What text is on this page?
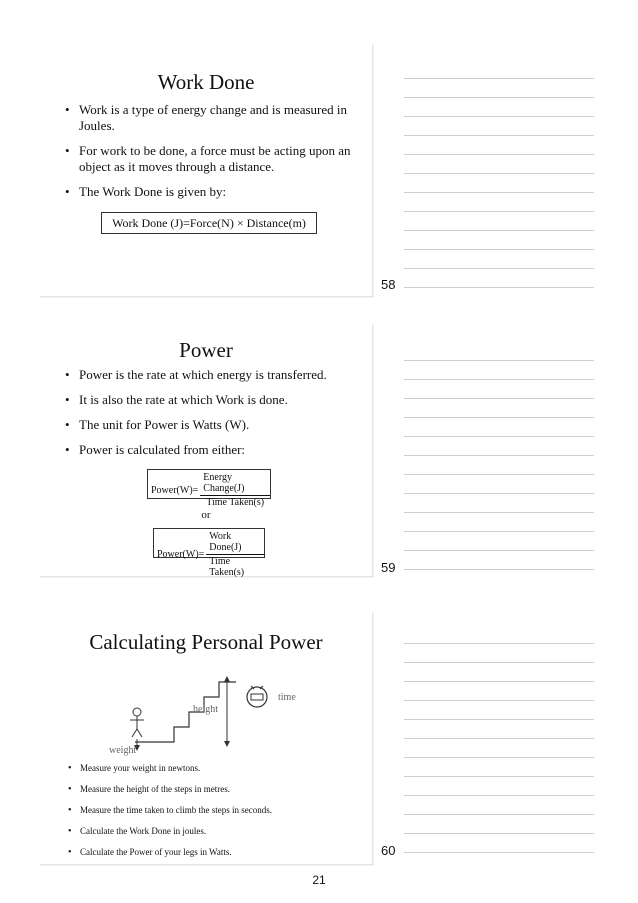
Work Done
• Work is a type of energy change and is measured in Joules.
• For work to be done, a force must be acting upon an object as it moves through a distance.
• The Work Done is given by:
Work Done (J)=Force(N) × Distance(m)
58
Power
• Power is the rate at which energy is transferred.
• It is also the rate at which Work is done.
• The unit for Power is Watts (W).
• Power is calculated from either:
Power(W)= $\frac{\text{Energy Change(J)}}{\text{Time Taken(s)}}$
or
Power(W)= $\frac{\text{Work Done(J)}}{\text{Time Taken(s)}}$	59
Calculating Personal Power
height
time
weight
• Measure your weight in newtons.
• Measure the height of the steps in metres.
• Measure the time taken to climb the steps in seconds.
• Calculate the Work Done in joules.
• Calculate the Power of your legs in Watts.	60
21
